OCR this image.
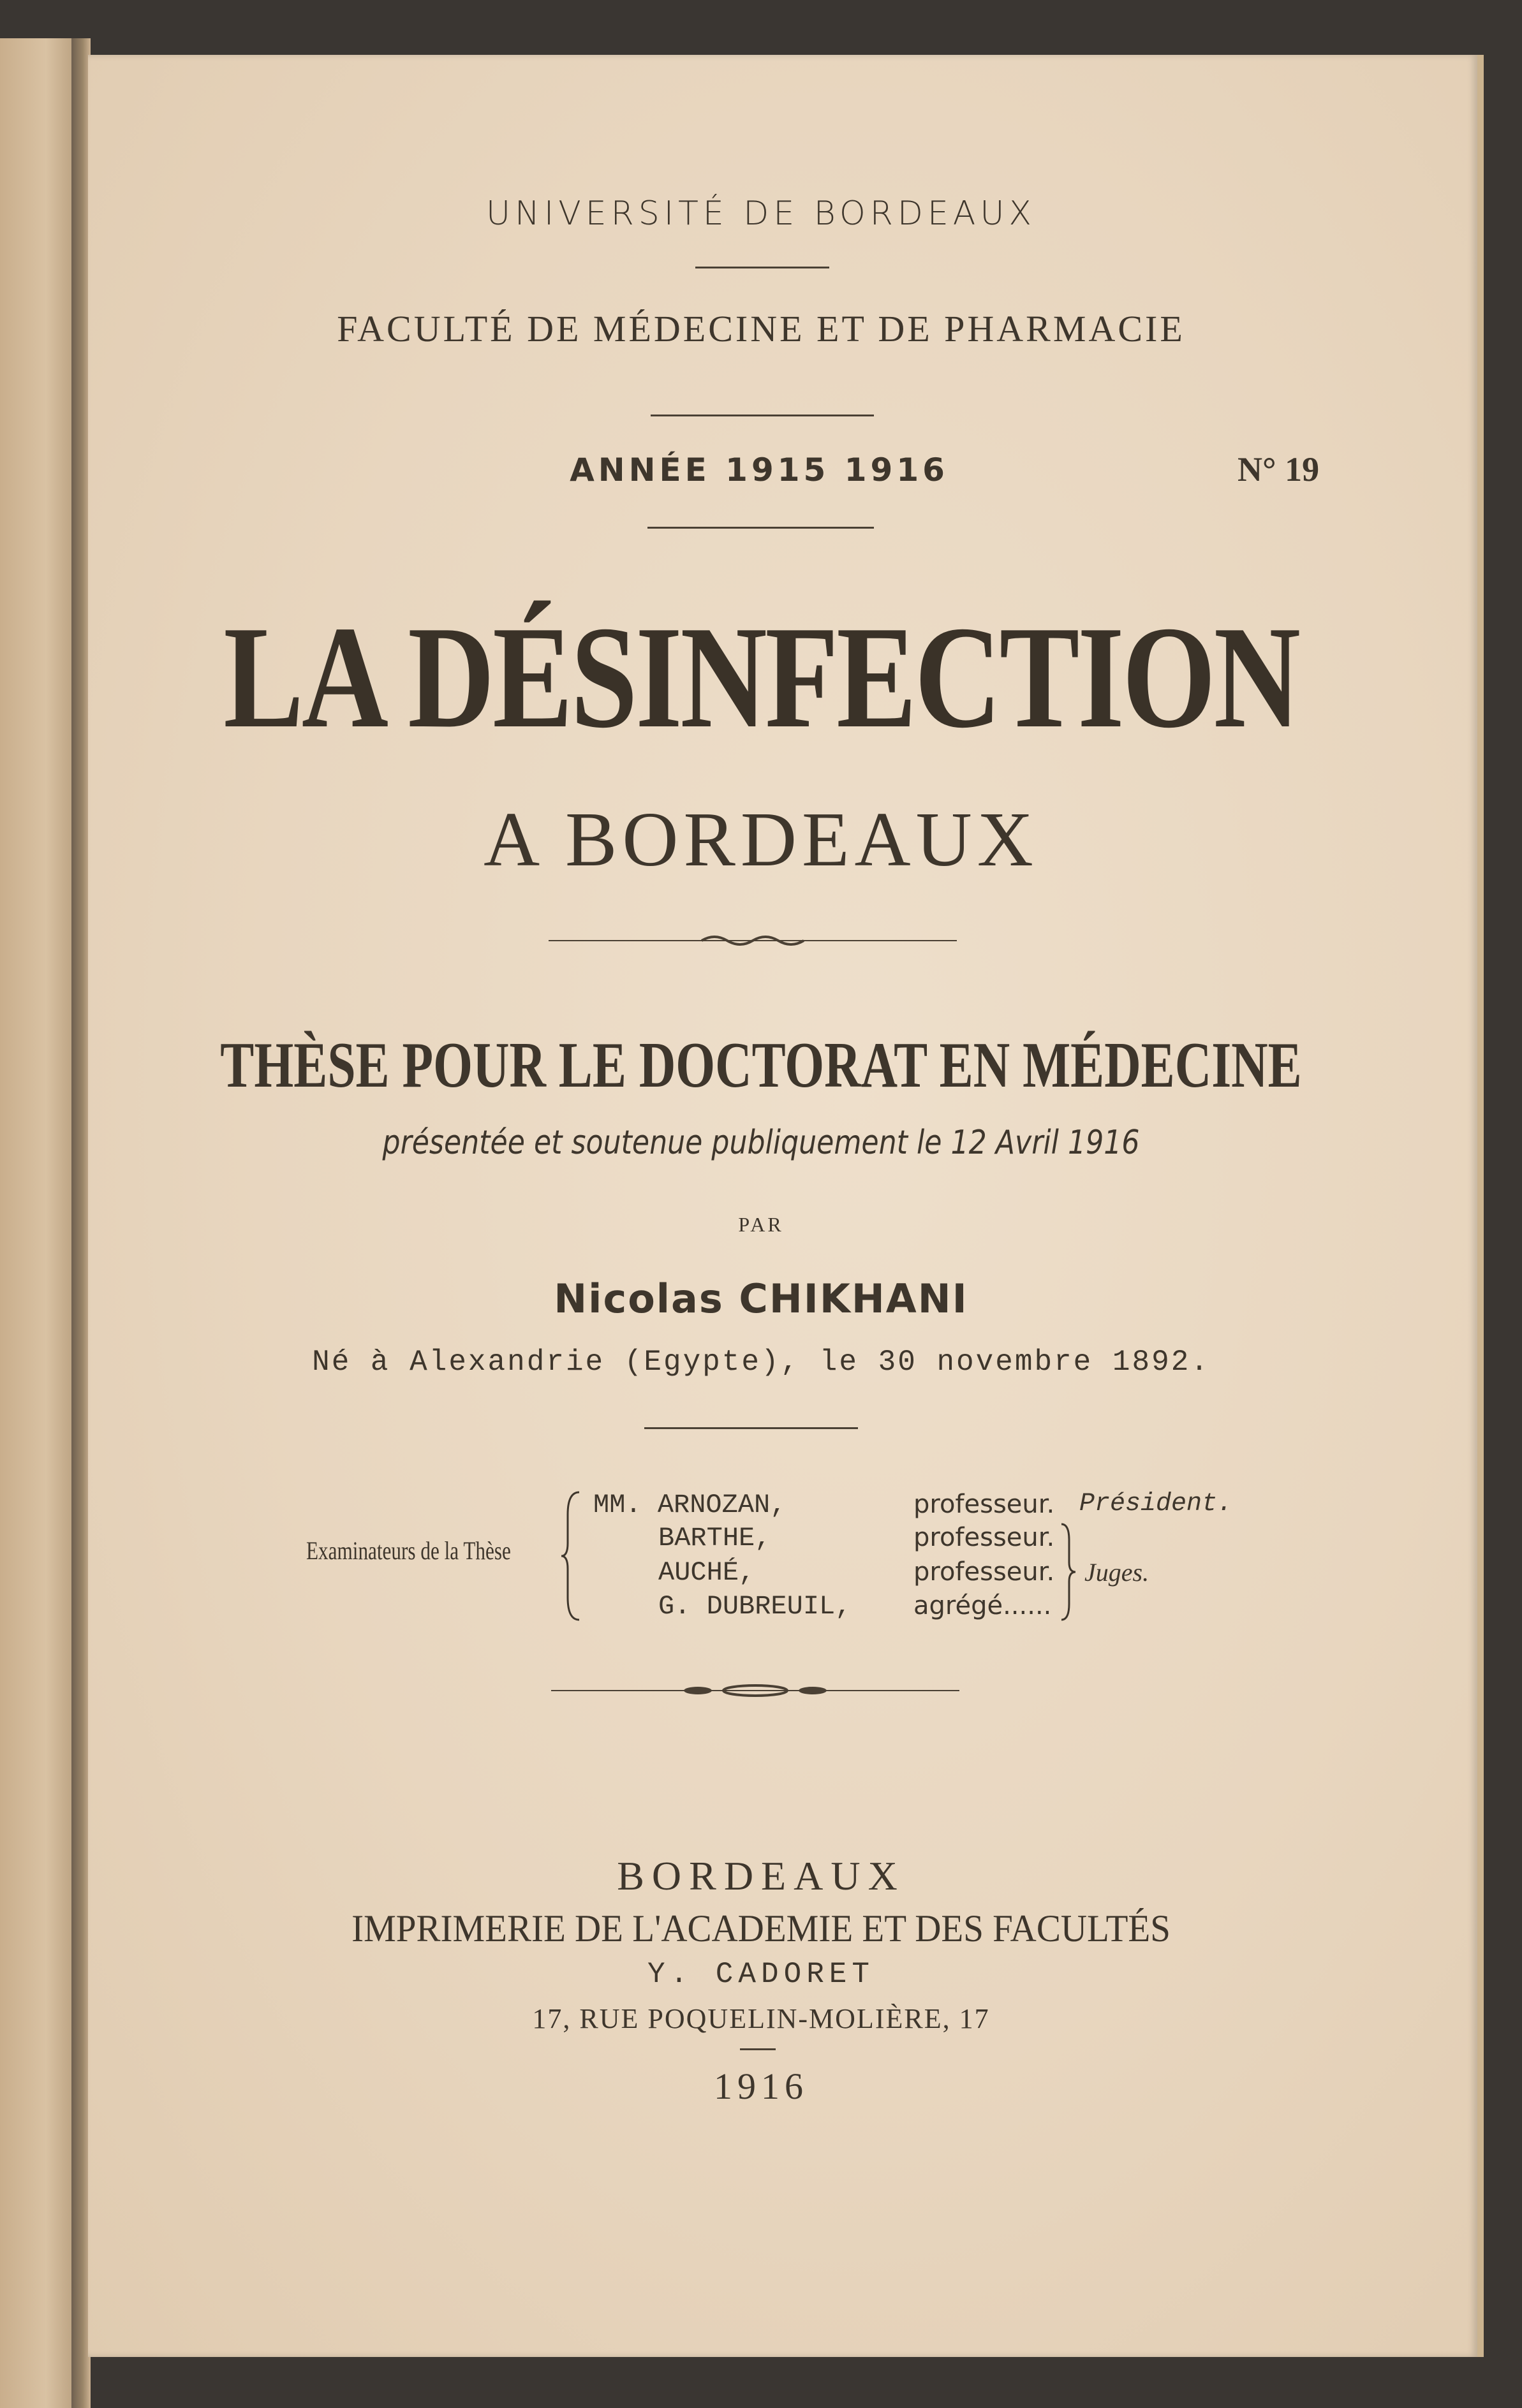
UNIVERSITÉ DE BORDEAUX
FACULTÉ DE MÉDECINE ET DE PHARMACIE
ANNÉE 1915 1916	N° 19
LA DÉSINFECTION
A BORDEAUX
THÈSE POUR LE DOCTORAT EN MÉDECINE
présentée et soutenue publiquement le 12 Avril 1916
PAR
Nicolas CHIKHANI
Né à Alexandrie (Egypte), le 30 novembre 1892.
Examinateurs de la Thèse
MM. ARNOZAN,
BARTHE,
AUCHÉ,
G. DUBREUIL,
professeur.
professeur.
professeur.
agrégé......
Président.
Juges.
BORDEAUX
IMPRIMERIE DE L'ACADEMIE ET DES FACULTÉS
Y. CADORET
17, RUE POQUELIN-MOLIÈRE, 17
1916
